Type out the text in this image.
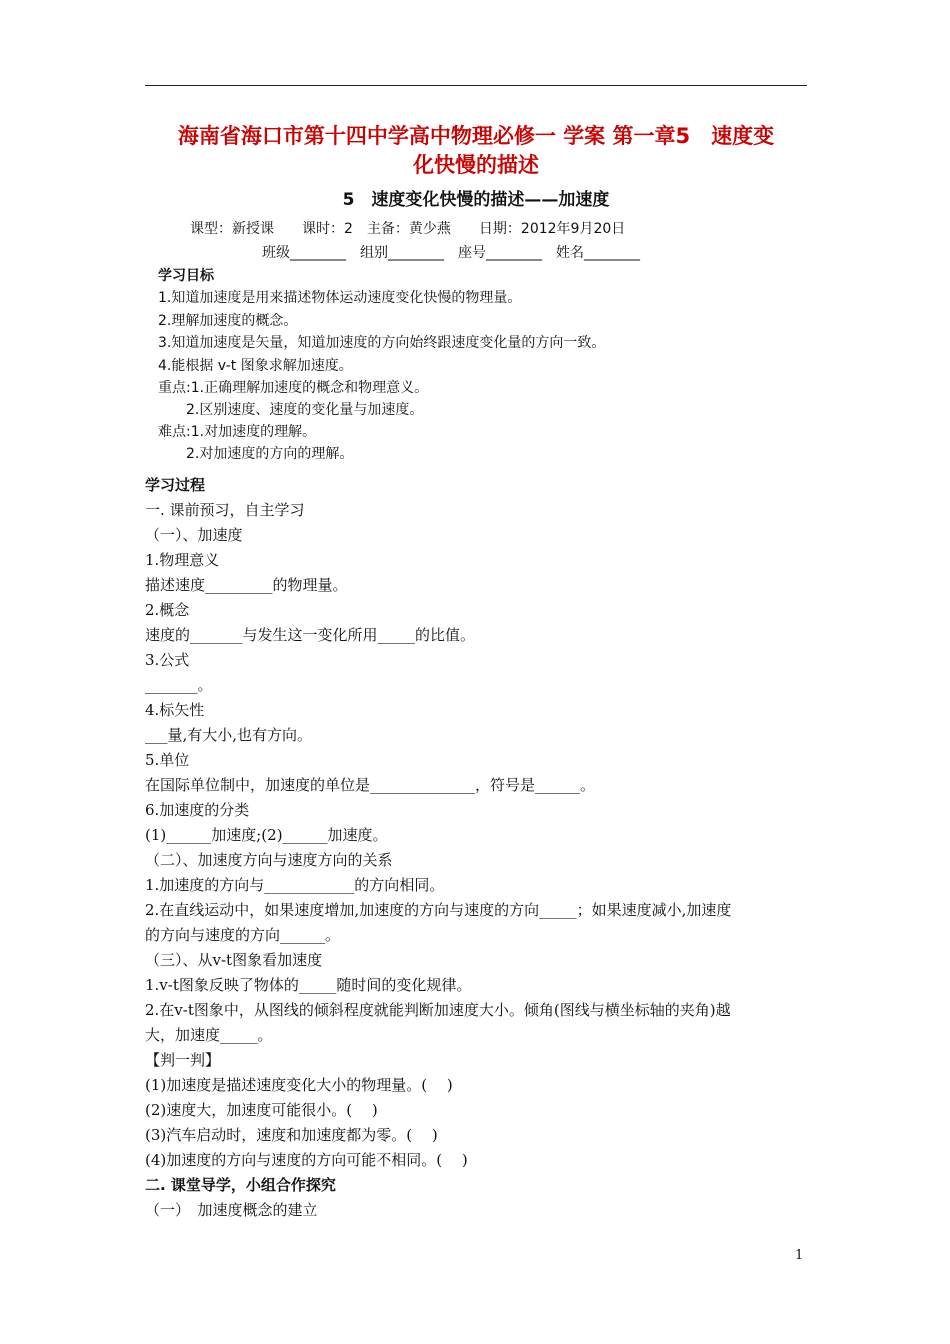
海南省海口市第十四中学高中物理必修一 学案 第一章5　速度变
化快慢的描述
5　速度变化快慢的描述——加速度
课型：新授课　　课时：2　主备：黄少燕　　日期：2012年9月20日
班级________　组别________　座号________　姓名________
学习目标
1.知道加速度是用来描述物体运动速度变化快慢的物理量。
2.理解加速度的概念。
3.知道加速度是矢量，知道加速度的方向始终跟速度变化量的方向一致。
4.能根据 v-t 图象求解加速度。
重点:1.正确理解加速度的概念和物理意义。
　　2.区别速度、速度的变化量与加速度。
难点:1.对加速度的理解。
　　2.对加速度的方向的理解。
学习过程
一. 课前预习，自主学习
（一）、加速度
1.物理意义
描述速度_________的物理量。
2.概念
速度的_______与发生这一变化所用_____的比值。
3.公式
_______。
4.标矢性
___量,有大小,也有方向。
5.单位
在国际单位制中，加速度的单位是______________，符号是______。
6.加速度的分类
(1)______加速度;(2)______加速度。
（二）、加速度方向与速度方向的关系
1.加速度的方向与____________的方向相同。
2.在直线运动中，如果速度增加,加速度的方向与速度的方向_____；如果速度减小,加速度
的方向与速度的方向______。
（三）、从v-t图象看加速度
1.v-t图象反映了物体的_____随时间的变化规律。
2.在v-t图象中，从图线的倾斜程度就能判断加速度大小。倾角(图线与横坐标轴的夹角)越
大，加速度_____。
【判一判】
(1)加速度是描述速度变化大小的物理量。(　 )
(2)速度大，加速度可能很小。(　 )
(3)汽车启动时，速度和加速度都为零。(　 )
(4)加速度的方向与速度的方向可能不相同。(　 )
二. 课堂导学，小组合作探究
（一）　加速度概念的建立
1
